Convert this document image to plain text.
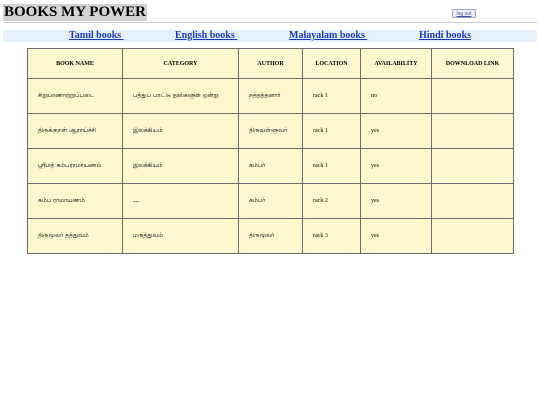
BOOKS MY POWER	log out
Tamil books	English books	Malayalam books	Hindi books
BOOK NAME	CATEGORY	AUTHOR	LOCATION	AVAILABILITY	DOWNLOAD LINK
சிறுபாணாற்றுப்படை	பத்துப் பாட்டு நூல்களுள் ஒன்று	நத்தத்தனார்	rack 1	no	
திருக்குறள் ஆராய்ச்சி	இலக்கியம்	திருவள்ளுவர்	rack 1	yes	
ஸ்ரீமத் கம்பராமாயணம்	இலக்கியம்	கம்பர்	rack 1	yes	
கம்ப ராமாயணம்	---	கம்பர்	rack 2	yes	
திருமூலர் தத்துவம்	மருத்துவம்	திருமூலர்	rack 3	yes	
